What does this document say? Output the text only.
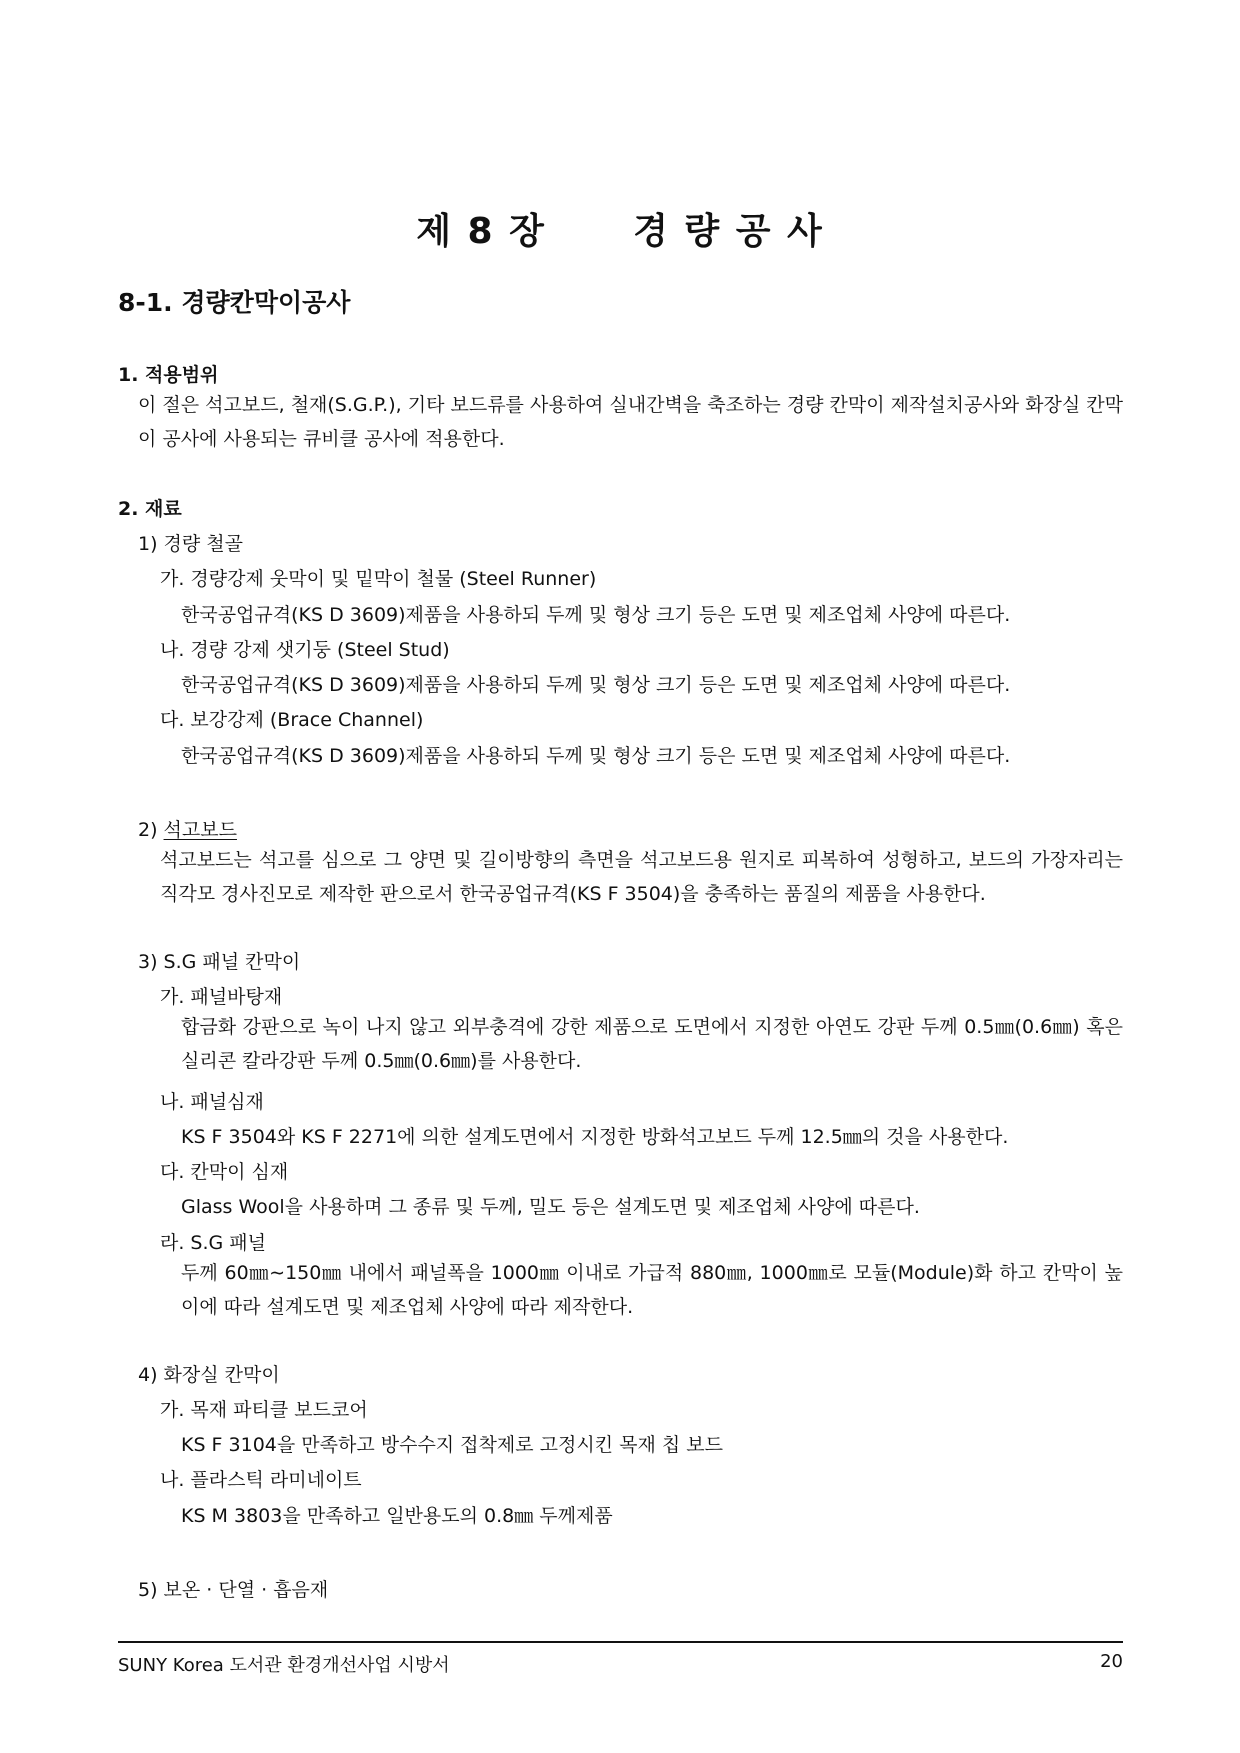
제 8 장 경 량 공 사
8-1. 경량칸막이공사
1. 적용범위
이 절은 석고보드, 철재(S.G.P.), 기타 보드류를 사용하여 실내간벽을 축조하는 경량 칸막이 제작설치공사와 화장실 칸막이 공사에 사용되는 큐비클 공사에 적용한다.
2. 재료
1) 경량 철골
가. 경량강제 웃막이 및 밑막이 철물 (Steel Runner)
한국공업규격(KS D 3609)제품을 사용하되 두께 및 형상 크기 등은 도면 및 제조업체 사양에 따른다.
나. 경량 강제 샛기둥 (Steel Stud)
한국공업규격(KS D 3609)제품을 사용하되 두께 및 형상 크기 등은 도면 및 제조업체 사양에 따른다.
다. 보강강제 (Brace Channel)
한국공업규격(KS D 3609)제품을 사용하되 두께 및 형상 크기 등은 도면 및 제조업체 사양에 따른다.
2) 석고보드
석고보드는 석고를 심으로 그 양면 및 길이방향의 측면을 석고보드용 원지로 피복하여 성형하고, 보드의 가장자리는 직각모 경사진모로 제작한 판으로서 한국공업규격(KS F 3504)을 충족하는 품질의 제품을 사용한다.
3) S.G 패널 칸막이
가. 패널바탕재
합금화 강판으로 녹이 나지 않고 외부충격에 강한 제품으로 도면에서 지정한 아연도 강판 두께 0.5㎜(0.6㎜) 혹은 실리콘 칼라강판 두께 0.5㎜(0.6㎜)를 사용한다.
나. 패널심재
KS F 3504와 KS F 2271에 의한 설계도면에서 지정한 방화석고보드 두께 12.5㎜의 것을 사용한다.
다. 칸막이 심재
Glass Wool을 사용하며 그 종류 및 두께, 밀도 등은 설계도면 및 제조업체 사양에 따른다.
라. S.G 패널
두께 60㎜∼150㎜ 내에서 패널폭을 1000㎜ 이내로 가급적 880㎜, 1000㎜로 모듈(Module)화 하고 칸막이 높이에 따라 설계도면 및 제조업체 사양에 따라 제작한다.
4) 화장실 칸막이
가. 목재 파티클 보드코어
KS F 3104을 만족하고 방수수지 접착제로 고정시킨 목재 칩 보드
나. 플라스틱 라미네이트
KS M 3803을 만족하고 일반용도의 0.8㎜ 두께제품
5) 보온 · 단열 · 흡음재
SUNY Korea 도서관 환경개선사업 시방서	20
